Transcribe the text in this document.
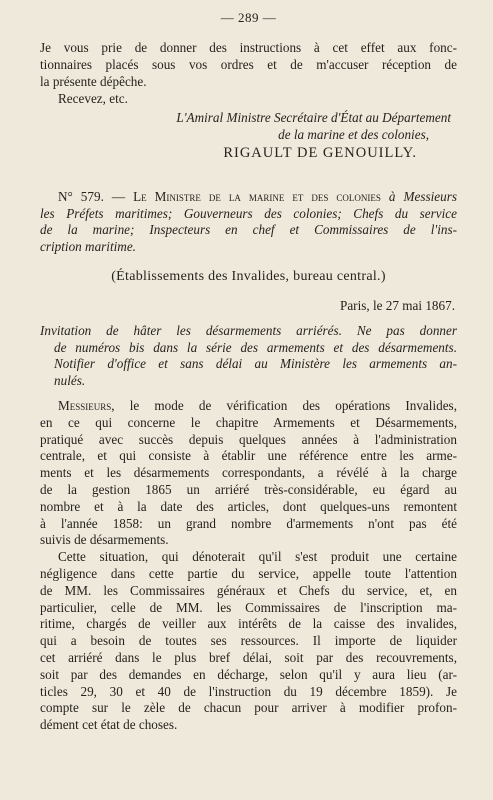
— 289 —
Je vous prie de donner des instructions à cet effet aux fonc-
tionnaires placés sous vos ordres et de m'accuser réception de
la présente dépêche.
Recevez, etc.
L'Amiral Ministre Secrétaire d'État au Département
de la marine et des colonies,
RIGAULT DE GENOUILLY.
N° 579. — Le Ministre de la marine et des colonies à Messieurs
les Préfets maritimes; Gouverneurs des colonies; Chefs du service
de la marine; Inspecteurs en chef et Commissaires de l'ins-
cription maritime.
(Établissements des Invalides, bureau central.)
Paris, le 27 mai 1867.
Invitation de hâter les désarmements arriérés. Ne pas donner
de numéros bis dans la série des armements et des désarmements.
Notifier d'office et sans délai au Ministère les armements an-
nulés.
Messieurs, le mode de vérification des opérations Invalides,
en ce qui concerne le chapitre Armements et Désarmements,
pratiqué avec succès depuis quelques années à l'administration
centrale, et qui consiste à établir une référence entre les arme-
ments et les désarmements correspondants, a révélé à la charge
de la gestion 1865 un arriéré très-considérable, eu égard au
nombre et à la date des articles, dont quelques-uns remontent
à l'année 1858: un grand nombre d'armements n'ont pas été
suivis de désarmements.
Cette situation, qui dénoterait qu'il s'est produit une certaine
négligence dans cette partie du service, appelle toute l'attention
de MM. les Commissaires généraux et Chefs du service, et, en
particulier, celle de MM. les Commissaires de l'inscription ma-
ritime, chargés de veiller aux intérêts de la caisse des invalides,
qui a besoin de toutes ses ressources. Il importe de liquider
cet arriéré dans le plus bref délai, soit par des recouvrements,
soit par des demandes en décharge, selon qu'il y aura lieu (ar-
ticles 29, 30 et 40 de l'instruction du 19 décembre 1859). Je
compte sur le zèle de chacun pour arriver à modifier profon-
dément cet état de choses.
